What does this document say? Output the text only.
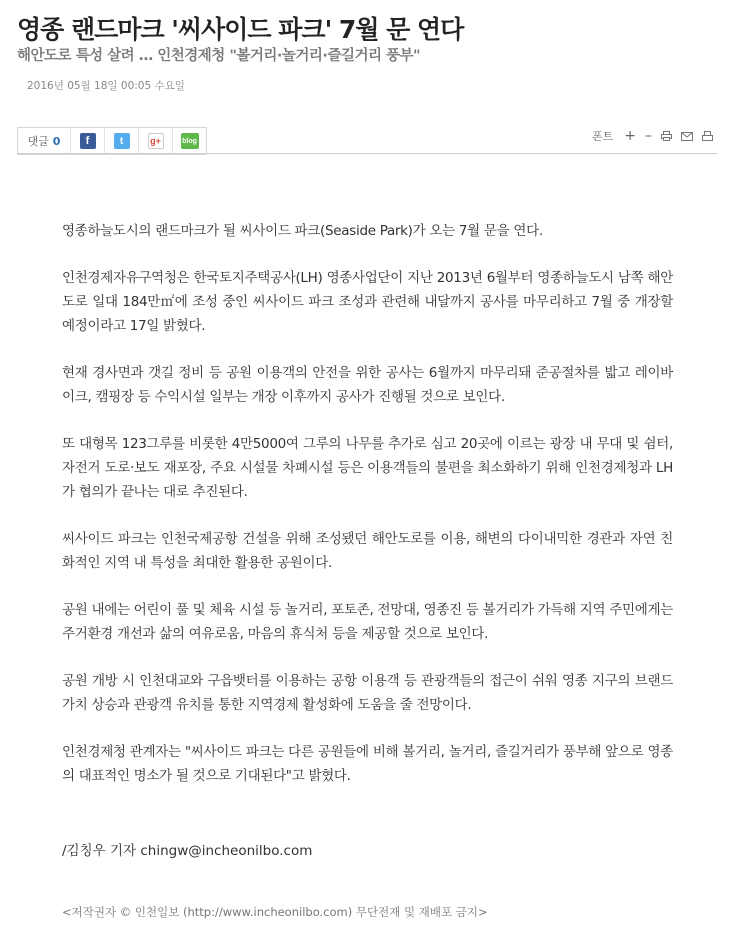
영종 랜드마크 '씨사이드 파크' 7월 문 연다
해안도로 특성 살려 … 인천경제청 "볼거리·놀거리·즐길거리 풍부"
2016년 05월 18일 00:05 수요일
댓글 0	f	t	g+	blog	폰트 + –

영종하늘도시의 랜드마크가 될 씨사이드 파크(Seaside Park)가 오는 7월 문을 연다.

인천경제자유구역청은 한국토지주택공사(LH) 영종사업단이 지난 2013년 6월부터 영종하늘도시 남쪽 해안도로 일대 184만㎡에 조성 중인 씨사이드 파크 조성과 관련해 내달까지 공사를 마무리하고 7월 중 개장할 예정이라고 17일 밝혔다.

현재 경사면과 갯길 정비 등 공원 이용객의 안전을 위한 공사는 6월까지 마무리돼 준공절차를 밟고 레이바이크, 캠핑장 등 수익시설 일부는 개장 이후까지 공사가 진행될 것으로 보인다.

또 대형목 123그루를 비롯한 4만5000여 그루의 나무를 추가로 심고 20곳에 이르는 광장 내 무대 및 쉼터, 자전거 도로·보도 재포장, 주요 시설물 차폐시설 등은 이용객들의 불편을 최소화하기 위해 인천경제청과 LH가 협의가 끝나는 대로 추진된다.

씨사이드 파크는 인천국제공항 건설을 위해 조성됐던 해안도로를 이용, 해변의 다이내믹한 경관과 자연 친화적인 지역 내 특성을 최대한 활용한 공원이다.

공원 내에는 어린이 풀 및 체육 시설 등 놀거리, 포토존, 전망대, 영종진 등 볼거리가 가득해 지역 주민에게는 주거환경 개선과 삶의 여유로움, 마음의 휴식처 등을 제공할 것으로 보인다.

공원 개방 시 인천대교와 구읍뱃터를 이용하는 공항 이용객 등 관광객들의 접근이 쉬워 영종 지구의 브랜드 가치 상승과 관광객 유치를 통한 지역경제 활성화에 도움을 줄 전망이다.

인천경제청 관계자는 "씨사이드 파크는 다른 공원들에 비해 볼거리, 놀거리, 즐길거리가 풍부해 앞으로 영종의 대표적인 명소가 될 것으로 기대된다"고 밝혔다.

/김칭우 기자 chingw@incheonilbo.com
<저작권자 © 인천일보 (http://www.incheonilbo.com) 무단전재 및 재배포 금지>
